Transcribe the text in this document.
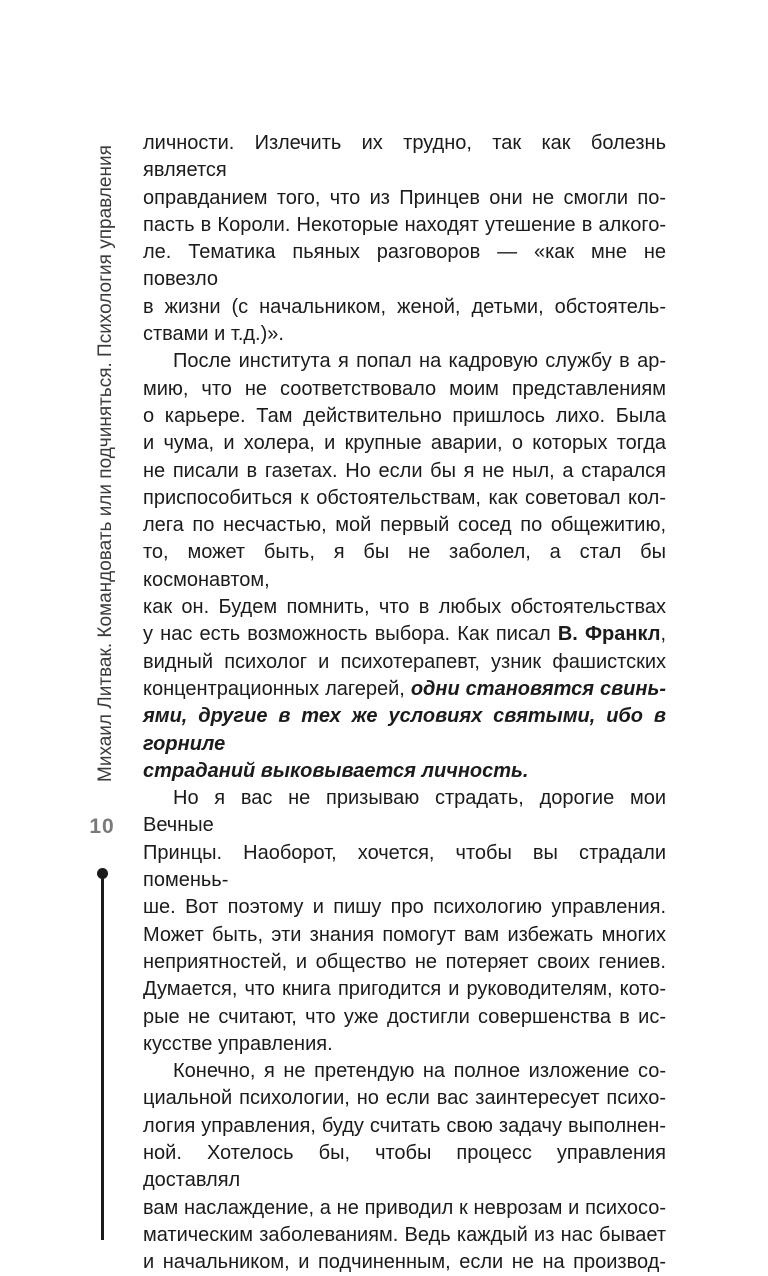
Михаил Литвак. Командовать или подчиняться. Психология управления
10

личности. Излечить их трудно, так как болезнь является

оправданием того, что из Принцев они не смогли по-

пасть в Короли. Некоторые находят утешение в алкого-

ле. Тематика пьяных разговоров — «как мне не повезло

в жизни (с начальником, женой, детьми, обстоятель-

ствами и т.д.)».

После института я попал на кадровую службу в ар-

мию, что не соответствовало моим представлениям

о карьере. Там действительно пришлось лихо. Была

и чума, и холера, и крупные аварии, о которых тогда

не писали в газетах. Но если бы я не ныл, а старался

приспособиться к обстоятельствам, как советовал кол-

лега по несчастью, мой первый сосед по общежитию,

то, может быть, я бы не заболел, а стал бы космонавтом,

как он. Будем помнить, что в любых обстоятельствах

у нас есть возможность выбора. Как писал В. Франкл,

видный психолог и психотерапевт, узник фашистских

концентрационных лагерей, одни становятся свинь-

ями, другие в тех же условиях святыми, ибо в горниле

страданий выковывается личность.

Но я вас не призываю страдать, дорогие мои Вечные

Принцы. Наоборот, хочется, чтобы вы страдали поменьь-

ше. Вот поэтому и пишу про психологию управления.

Может быть, эти знания помогут вам избежать многих

неприятностей, и общество не потеряет своих гениев.

Думается, что книга пригодится и руководителям, кото-

рые не считают, что уже достигли совершенства в ис-

кусстве управления.

Конечно, я не претендую на полное изложение со-

циальной психологии, но если вас заинтересует психо-

логия управления, буду считать свою задачу выполнен-

ной. Хотелось бы, чтобы процесс управления доставлял

вам наслаждение, а не приводил к неврозам и психосо-

матическим заболеваниям. Ведь каждый из нас бывает

и начальником, и подчиненным, если не на производ-
